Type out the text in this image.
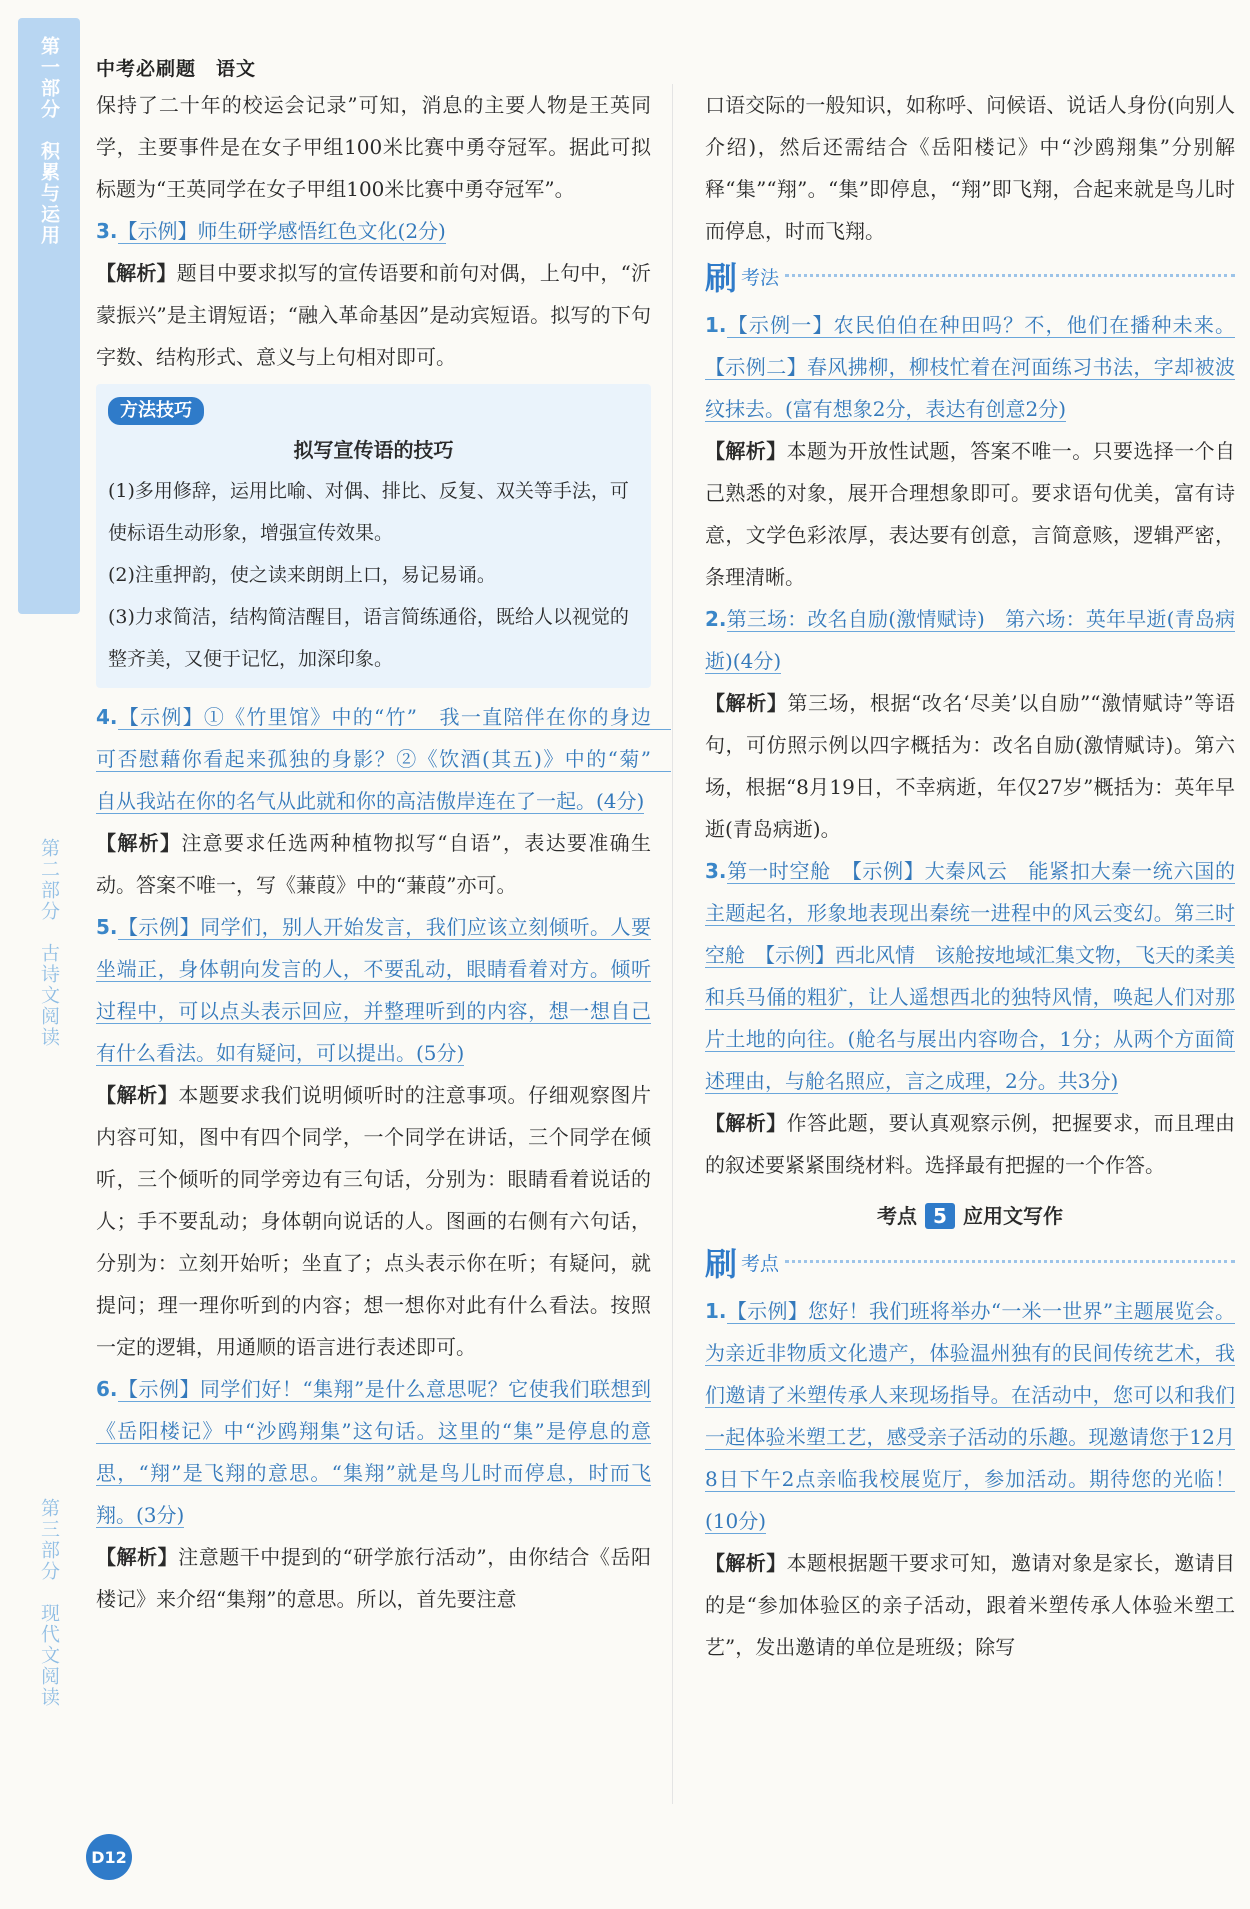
第一部分　积累与运用
第二部分　古诗文阅读
第三部分　现代文阅读
中考必刷题　语文

保持了二十年的校运会记录”可知，消息的主要人物是王英同学，主要事件是在女子甲组100米比赛中勇夺冠军。据此可拟标题为“王英同学在女子甲组100米比赛中勇夺冠军”。

3.【示例】师生研学感悟红色文化(2分)

【解析】题目中要求拟写的宣传语要和前句对偶，上句中，“沂蒙振兴”是主谓短语；“融入革命基因”是动宾短语。拟写的下句字数、结构形式、意义与上句相对即可。

方法技巧
拟写宣传语的技巧

(1)多用修辞，运用比喻、对偶、排比、反复、双关等手法，可使标语生动形象，增强宣传效果。

(2)注重押韵，使之读来朗朗上口，易记易诵。

(3)力求简洁，结构简洁醒目，语言简练通俗，既给人以视觉的整齐美，又便于记忆，加深印象。

4.【示例】①《竹里馆》中的“竹”　我一直陪伴在你的身边　可否慰藉你看起来孤独的身影？②《饮酒(其五)》中的“菊”　自从我站在你的名气从此就和你的高洁傲岸连在了一起。(4分)

【解析】注意要求任选两种植物拟写“自语”，表达要准确生动。答案不唯一，写《蒹葭》中的“蒹葭”亦可。

5.【示例】同学们，别人开始发言，我们应该立刻倾听。人要坐端正，身体朝向发言的人，不要乱动，眼睛看着对方。倾听过程中，可以点头表示回应，并整理听到的内容，想一想自己有什么看法。如有疑问，可以提出。(5分)

【解析】本题要求我们说明倾听时的注意事项。仔细观察图片内容可知，图中有四个同学，一个同学在讲话，三个同学在倾听，三个倾听的同学旁边有三句话，分别为：眼睛看着说话的人；手不要乱动；身体朝向说话的人。图画的右侧有六句话，分别为：立刻开始听；坐直了；点头表示你在听；有疑问，就提问；理一理你听到的内容；想一想你对此有什么看法。按照一定的逻辑，用通顺的语言进行表述即可。

6.【示例】同学们好！“集翔”是什么意思呢？它使我们联想到《岳阳楼记》中“沙鸥翔集”这句话。这里的“集”是停息的意思，“翔”是飞翔的意思。“集翔”就是鸟儿时而停息，时而飞翔。(3分)

【解析】注意题干中提到的“研学旅行活动”，由你结合《岳阳楼记》来介绍“集翔”的意思。所以，首先要注意

口语交际的一般知识，如称呼、问候语、说话人身份(向别人介绍)，然后还需结合《岳阳楼记》中“沙鸥翔集”分别解释“集”“翔”。“集”即停息，“翔”即飞翔，合起来就是鸟儿时而停息，时而飞翔。

刷 考法

1.【示例一】农民伯伯在种田吗？不，他们在播种未来。【示例二】春风拂柳，柳枝忙着在河面练习书法，字却被波纹抹去。(富有想象2分，表达有创意2分)

【解析】本题为开放性试题，答案不唯一。只要选择一个自己熟悉的对象，展开合理想象即可。要求语句优美，富有诗意，文学色彩浓厚，表达要有创意，言简意赅，逻辑严密，条理清晰。

2.第三场：改名自励(激情赋诗)　第六场：英年早逝(青岛病逝)(4分)

【解析】第三场，根据“改名‘尽美’以自励”“激情赋诗”等语句，可仿照示例以四字概括为：改名自励(激情赋诗)。第六场，根据“8月19日，不幸病逝，年仅27岁”概括为：英年早逝(青岛病逝)。

3.第一时空舱　【示例】大秦风云　能紧扣大秦一统六国的主题起名，形象地表现出秦统一进程中的风云变幻。第三时空舱　【示例】西北风情　该舱按地域汇集文物，飞天的柔美和兵马俑的粗犷，让人遥想西北的独特风情，唤起人们对那片土地的向往。(舱名与展出内容吻合，1分；从两个方面简述理由，与舱名照应，言之成理，2分。共3分)

【解析】作答此题，要认真观察示例，把握要求，而且理由的叙述要紧紧围绕材料。选择最有把握的一个作答。

考点 5 应用文写作
刷 考点

1.【示例】您好！我们班将举办“一米一世界”主题展览会。为亲近非物质文化遗产，体验温州独有的民间传统艺术，我们邀请了米塑传承人来现场指导。在活动中，您可以和我们一起体验米塑工艺，感受亲子活动的乐趣。现邀请您于12月8日下午2点亲临我校展览厅，参加活动。期待您的光临！(10分)

【解析】本题根据题干要求可知，邀请对象是家长，邀请目的是“参加体验区的亲子活动，跟着米塑传承人体验米塑工艺”，发出邀请的单位是班级；除写

D12
